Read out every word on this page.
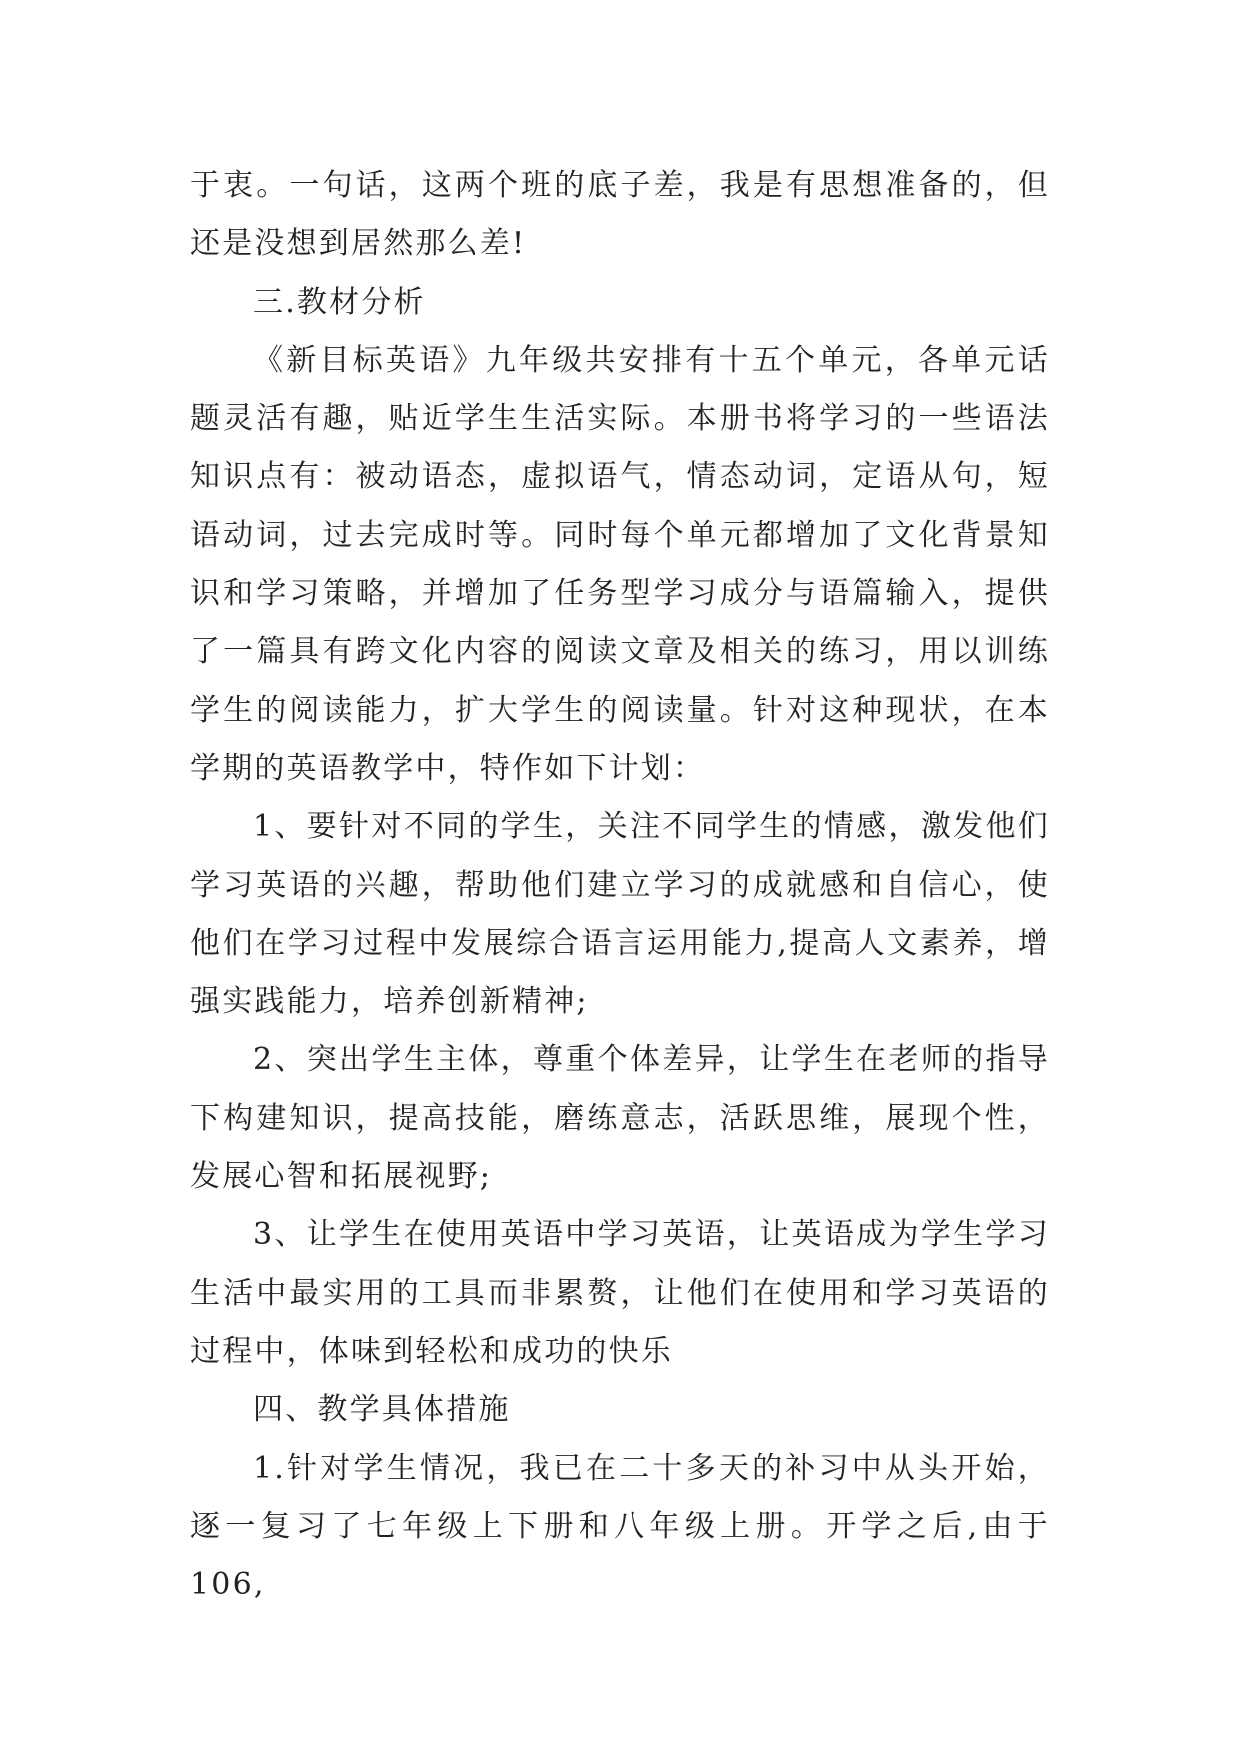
于衷。一句话，这两个班的底子差，我是有思想准备的，但还是没想到居然那么差!

三.教材分析

《新目标英语》九年级共安排有十五个单元，各单元话题灵活有趣，贴近学生生活实际。本册书将学习的一些语法知识点有：被动语态，虚拟语气，情态动词，定语从句，短语动词，过去完成时等。同时每个单元都增加了文化背景知识和学习策略，并增加了任务型学习成分与语篇输入，提供了一篇具有跨文化内容的阅读文章及相关的练习，用以训练学生的阅读能力，扩大学生的阅读量。针对这种现状，在本学期的英语教学中，特作如下计划：

1、要针对不同的学生，关注不同学生的情感，激发他们学习英语的兴趣，帮助他们建立学习的成就感和自信心，使他们在学习过程中发展综合语言运用能力,提高人文素养，增强实践能力，培养创新精神;

2、突出学生主体，尊重个体差异，让学生在老师的指导下构建知识，提高技能，磨练意志，活跃思维，展现个性，发展心智和拓展视野;

3、让学生在使用英语中学习英语，让英语成为学生学习生活中最实用的工具而非累赘，让他们在使用和学习英语的过程中，体味到轻松和成功的快乐

四、教学具体措施

1.针对学生情况，我已在二十多天的补习中从头开始，逐一复习了七年级上下册和八年级上册。开学之后,由于106,
